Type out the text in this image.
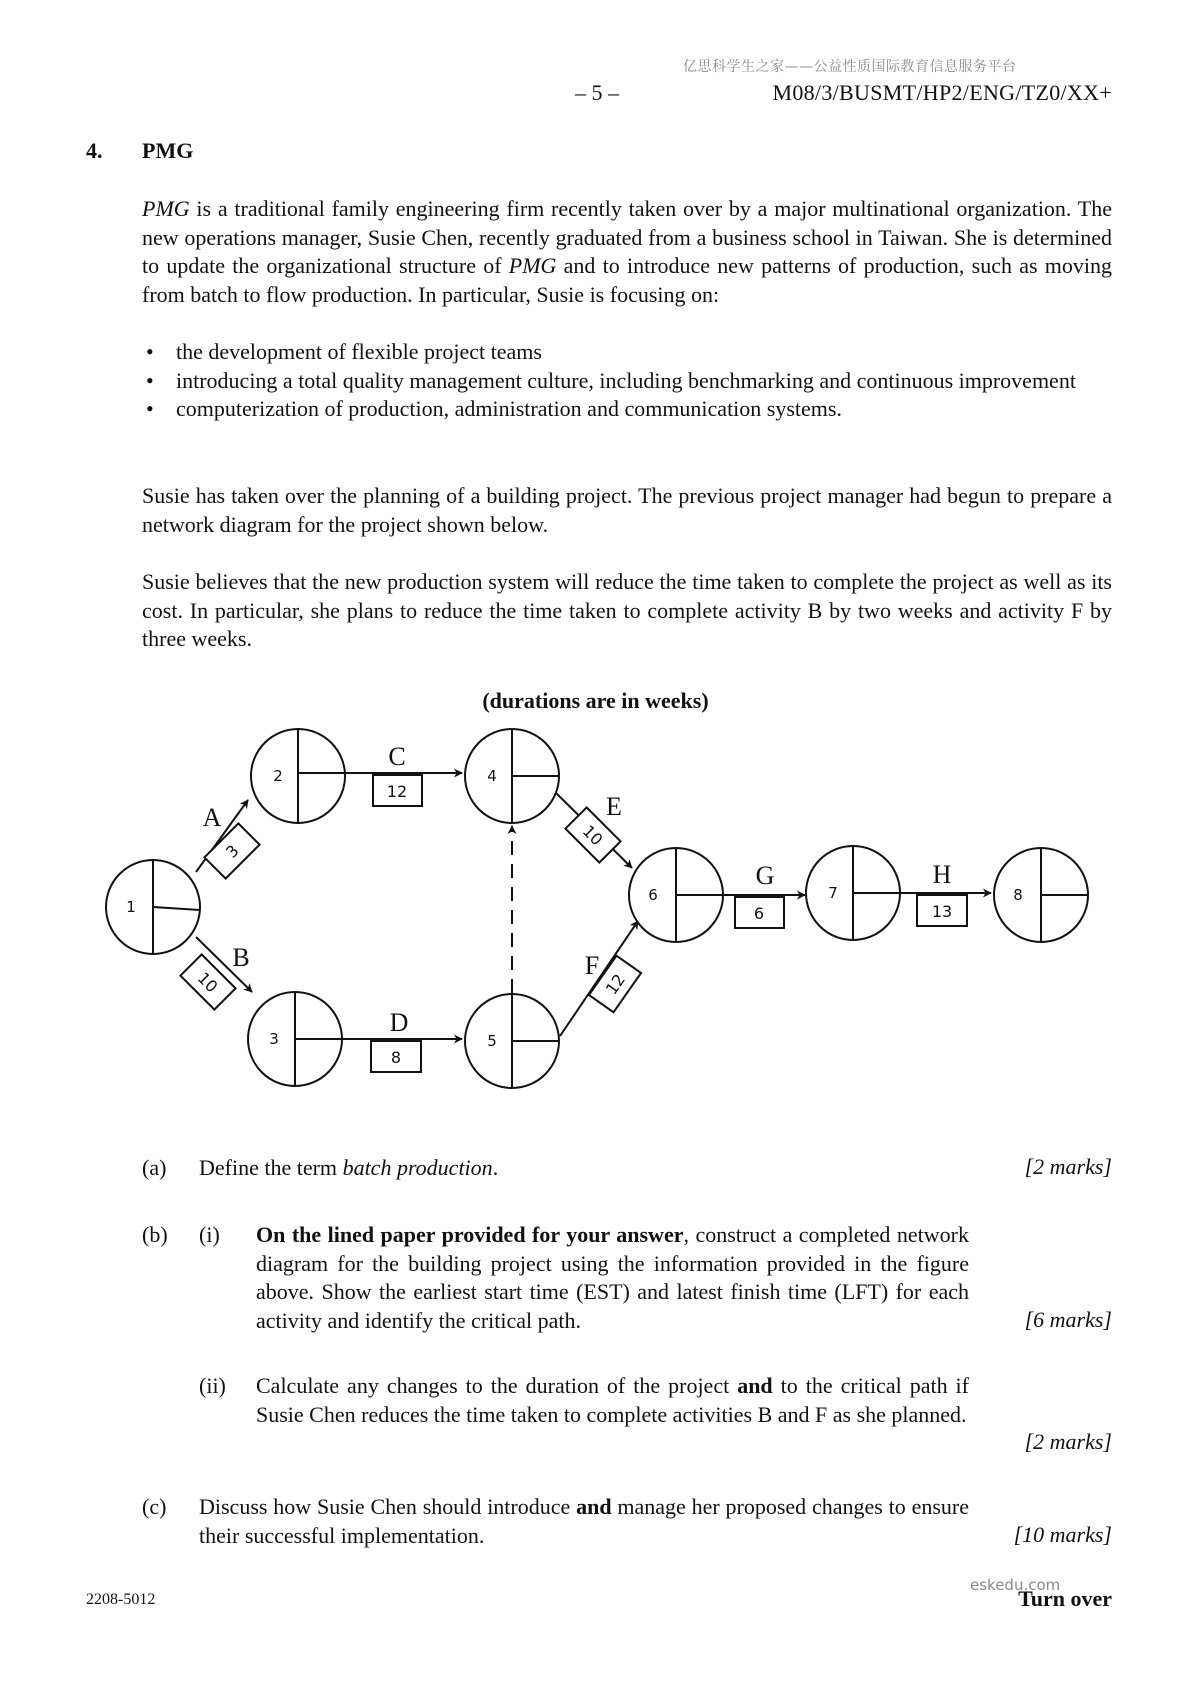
亿思科学生之家——公益性质国际教育信息服务平台
– 5 –	M08/3/BUSMT/HP2/ENG/TZ0/XX+
4. PMG
PMG is a traditional family engineering firm recently taken over by a major multinational organization. The new operations manager, Susie Chen, recently graduated from a business school in Taiwan. She is determined to update the organizational structure of PMG and to introduce new patterns of production, such as moving from batch to flow production. In particular, Susie is focusing on:
• the development of flexible project teams
• introducing a total quality management culture, including benchmarking and continuous improvement
• computerization of production, administration and communication systems.
Susie has taken over the planning of a building project. The previous project manager had begun to prepare a network diagram for the project shown below.
Susie believes that the new production system will reduce the time taken to complete the project as well as its cost. In particular, she plans to reduce the time taken to complete activity B by two weeks and activity F by three weeks.
(durations are in weeks)
1
2
3
4
5
6	7	8
A
B
C
D
E
F
G	H
12
8
6	13
3
10
10
12
(a) Define the term batch production.	[2 marks]
(b) (i) On the lined paper provided for your answer, construct a completed network diagram for the building project using the information provided in the figure above. Show the earliest start time (EST) and latest finish time (LFT) for each activity and identify the critical path.	[6 marks]
(ii) Calculate any changes to the duration of the project and to the critical path if Susie Chen reduces the time taken to complete activities B and F as she planned.
[2 marks]
(c) Discuss how Susie Chen should introduce and manage her proposed changes to ensure their successful implementation.	[10 marks]
2208-5012
eskedu.com
Turn over
